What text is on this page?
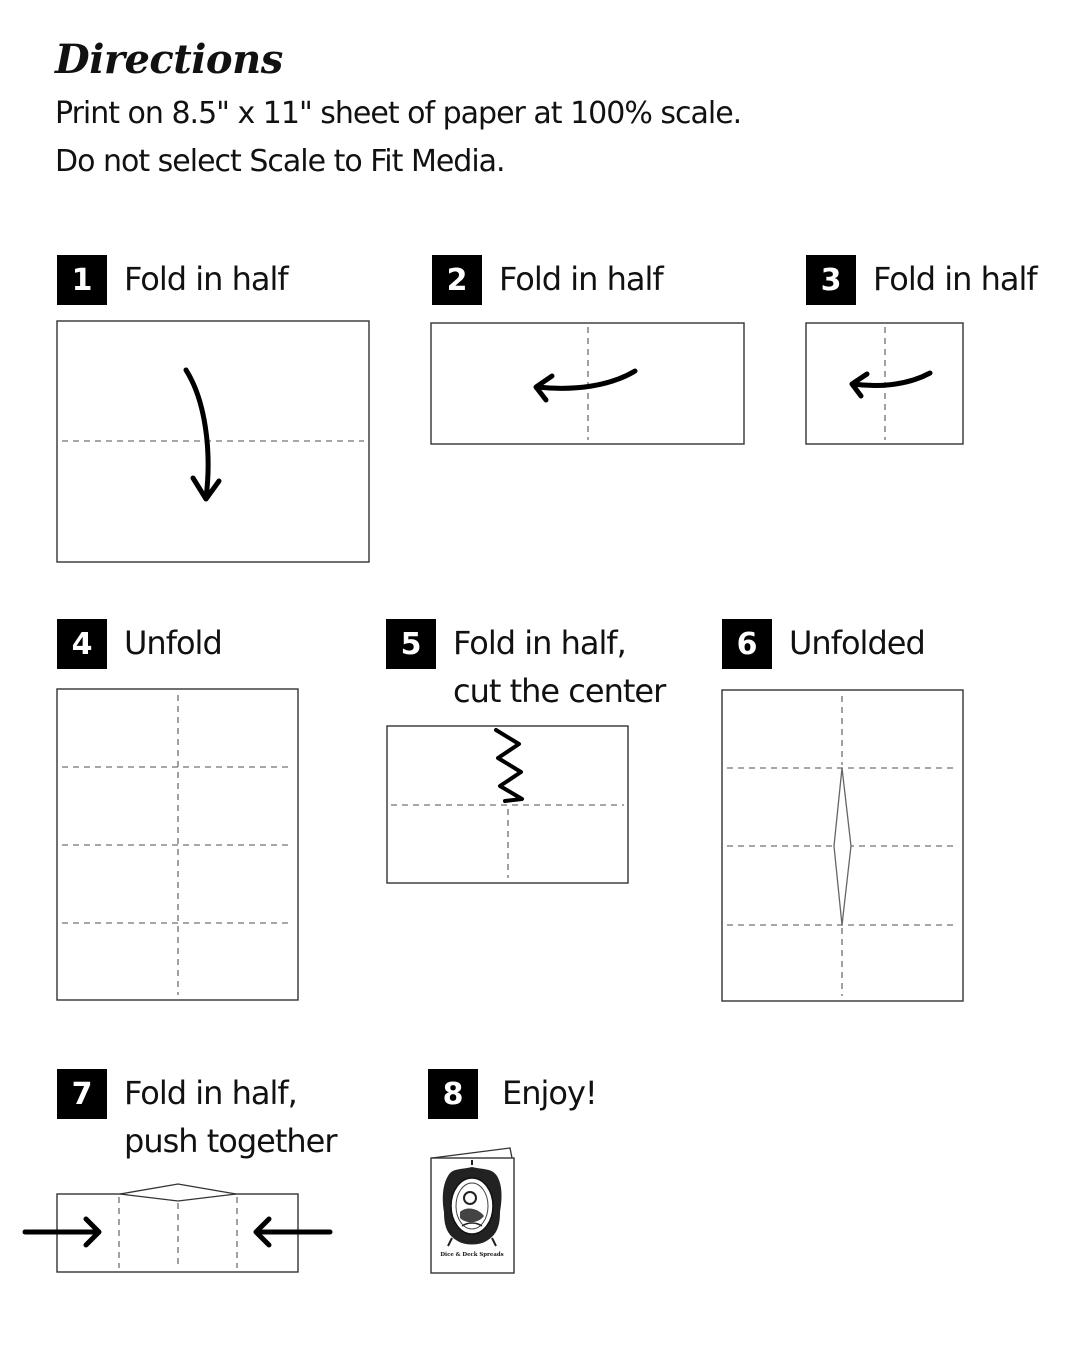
Directions
Print on 8.5" x 11" sheet of paper at 100% scale.
Do not select Scale to Fit Media.
1 Fold in half	2 Fold in half	3 Fold in half
4 Unfold	5 Fold in half,
cut the center
6 Unfolded
7 Fold in half,
push together
8	Enjoy!
Dice & Deck Spreads
